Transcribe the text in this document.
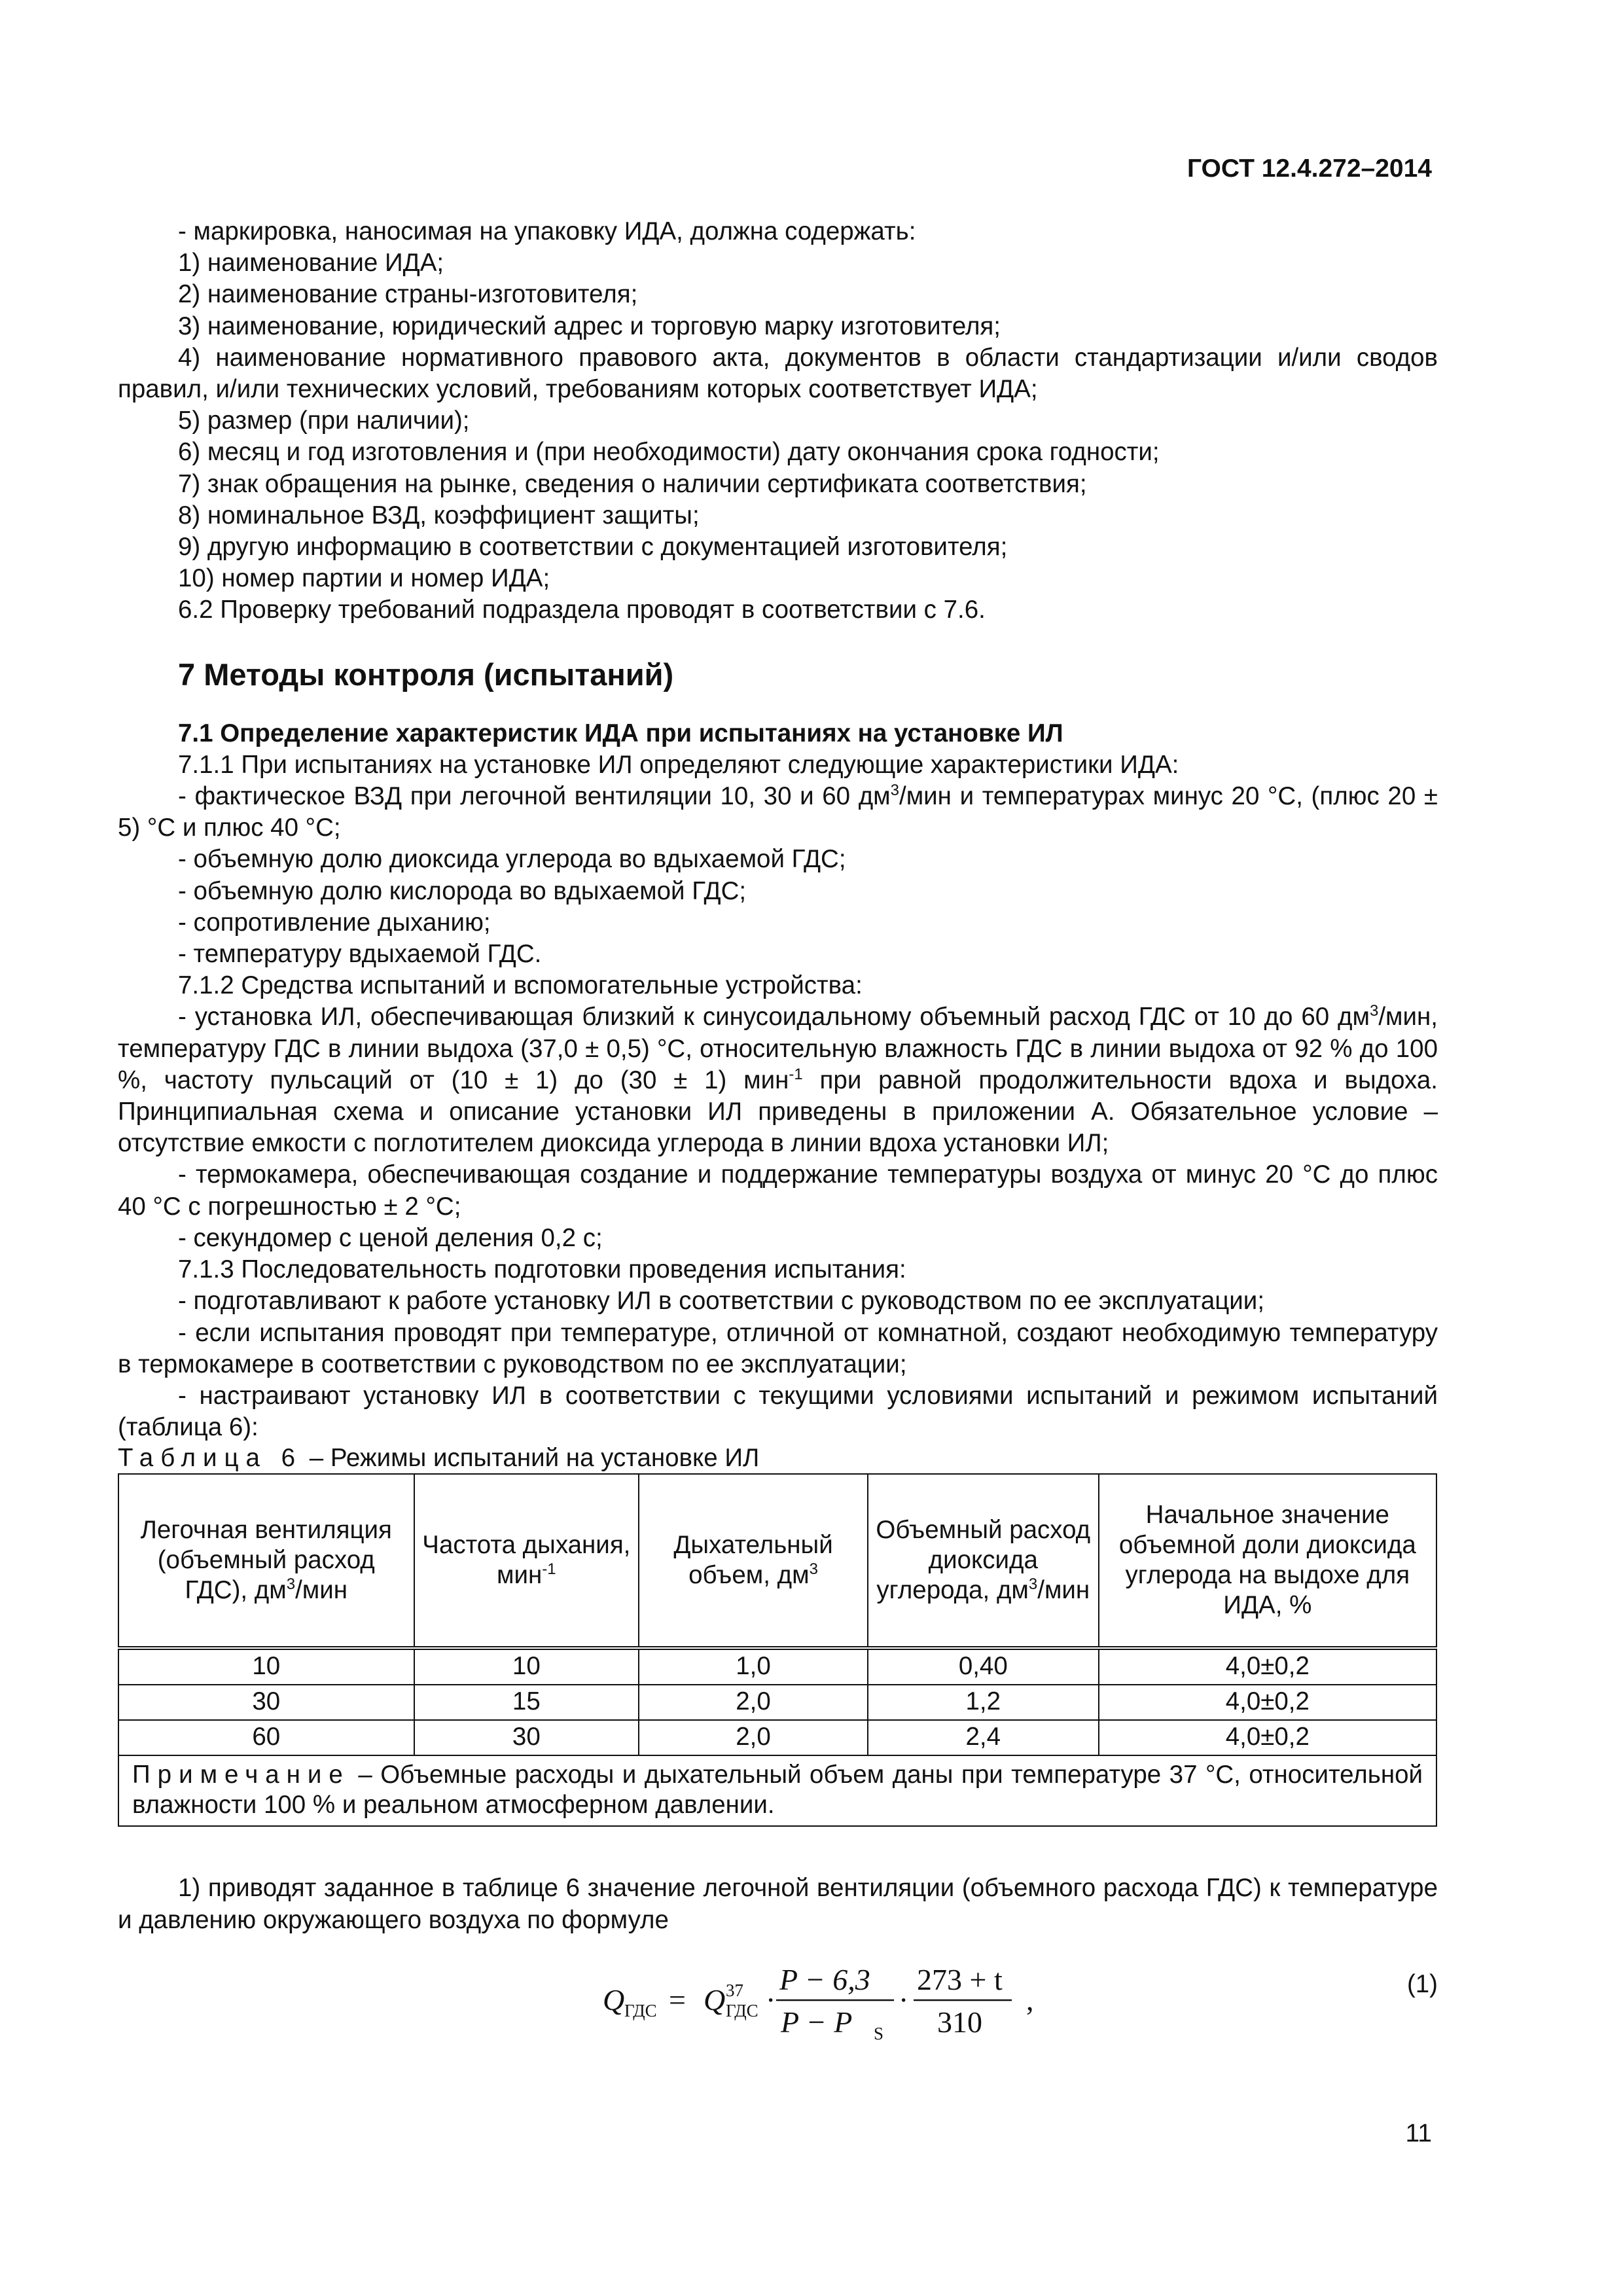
ГОСТ 12.4.272–2014

- маркировка, наносимая на упаковку ИДА, должна содержать:

1) наименование ИДА;

2) наименование страны-изготовителя;

3) наименование, юридический адрес и торговую марку изготовителя;

4) наименование нормативного правового акта, документов в области стандартизации и/или сводов правил, и/или технических условий, требованиям которых соответствует ИДА;

5) размер (при наличии);

6) месяц и год изготовления и (при необходимости) дату окончания срока годности;

7) знак обращения на рынке, сведения о наличии сертификата соответствия;

8) номинальное ВЗД, коэффициент защиты;

9) другую информацию в соответствии с документацией изготовителя;

10) номер партии и номер ИДА;

6.2 Проверку требований подраздела проводят в соответствии с 7.6.

7 Методы контроля (испытаний)
7.1 Определение характеристик ИДА при испытаниях на установке ИЛ

7.1.1 При испытаниях на установке ИЛ определяют следующие характеристики ИДА:

- фактическое ВЗД при легочной вентиляции 10, 30 и 60 $дм^3$/мин и температурах минус 20 °С, (плюс 20 ± 5) °С и плюс 40 °С;

- объемную долю диоксида углерода во вдыхаемой ГДС;

- объемную долю кислорода во вдыхаемой ГДС;

- сопротивление дыханию;

- температуру вдыхаемой ГДС.

7.1.2 Средства испытаний и вспомогательные устройства:

- установка ИЛ, обеспечивающая близкий к синусоидальному объемный расход ГДС от 10 до 60 $дм^3$/мин, температуру ГДС в линии выдоха (37,0 ± 0,5) °С, относительную влажность ГДС в линии выдоха от 92 % до 100 %, частоту пульсаций от (10 ± 1) до (30 ± 1) мин$^{-1}$ при равной продолжительности вдоха и выдоха. Принципиальная схема и описание установки ИЛ приведены в приложении А. Обязательное условие – отсутствие емкости с поглотителем диоксида углерода в линии вдоха установки ИЛ;

- термокамера, обеспечивающая создание и поддержание температуры воздуха от минус 20 °С до плюс 40 °С с погрешностью ± 2 °С;

- секундомер с ценой деления 0,2 с;

7.1.3 Последовательность подготовки проведения испытания:

- подготавливают к работе установку ИЛ в соответствии с руководством по ее эксплуатации;

- если испытания проводят при температуре, отличной от комнатной, создают необходимую температуру в термокамере в соответствии с руководством по ее эксплуатации;

- настраивают установку ИЛ в соответствии с текущими условиями испытаний и режимом испытаний (таблица 6):

Таблица 6 – Режимы испытаний на установке ИЛ

Легочная вентиляция (объемный расход ГДС), $дм^3$/мин	Частота дыхания, мин$^{-1}$	Дыхательный объем, $дм^3$	Объемный расход диоксида углерода, $дм^3$/мин	Начальное значение объемной доли диоксида углерода на выдохе для ИДА, %
10	10	1,0	0,40	4,0±0,2
30	15	2,0	1,2	4,0±0,2
60	30	2,0	2,4	4,0±0,2
Примечание – Объемные расходы и дыхательный объем даны при температуре 37 °С, относительной влажности 100 % и реальном атмосферном давлении.				

1) приводят заданное в таблице 6 значение легочной вентиляции (объемного расхода ГДС) к температуре и давлению окружающего воздуха по формуле

Q ГДС = Q 37
ГДС ·
P − 6,3
P − P S
·
273 + t
310
,	(1)
11
